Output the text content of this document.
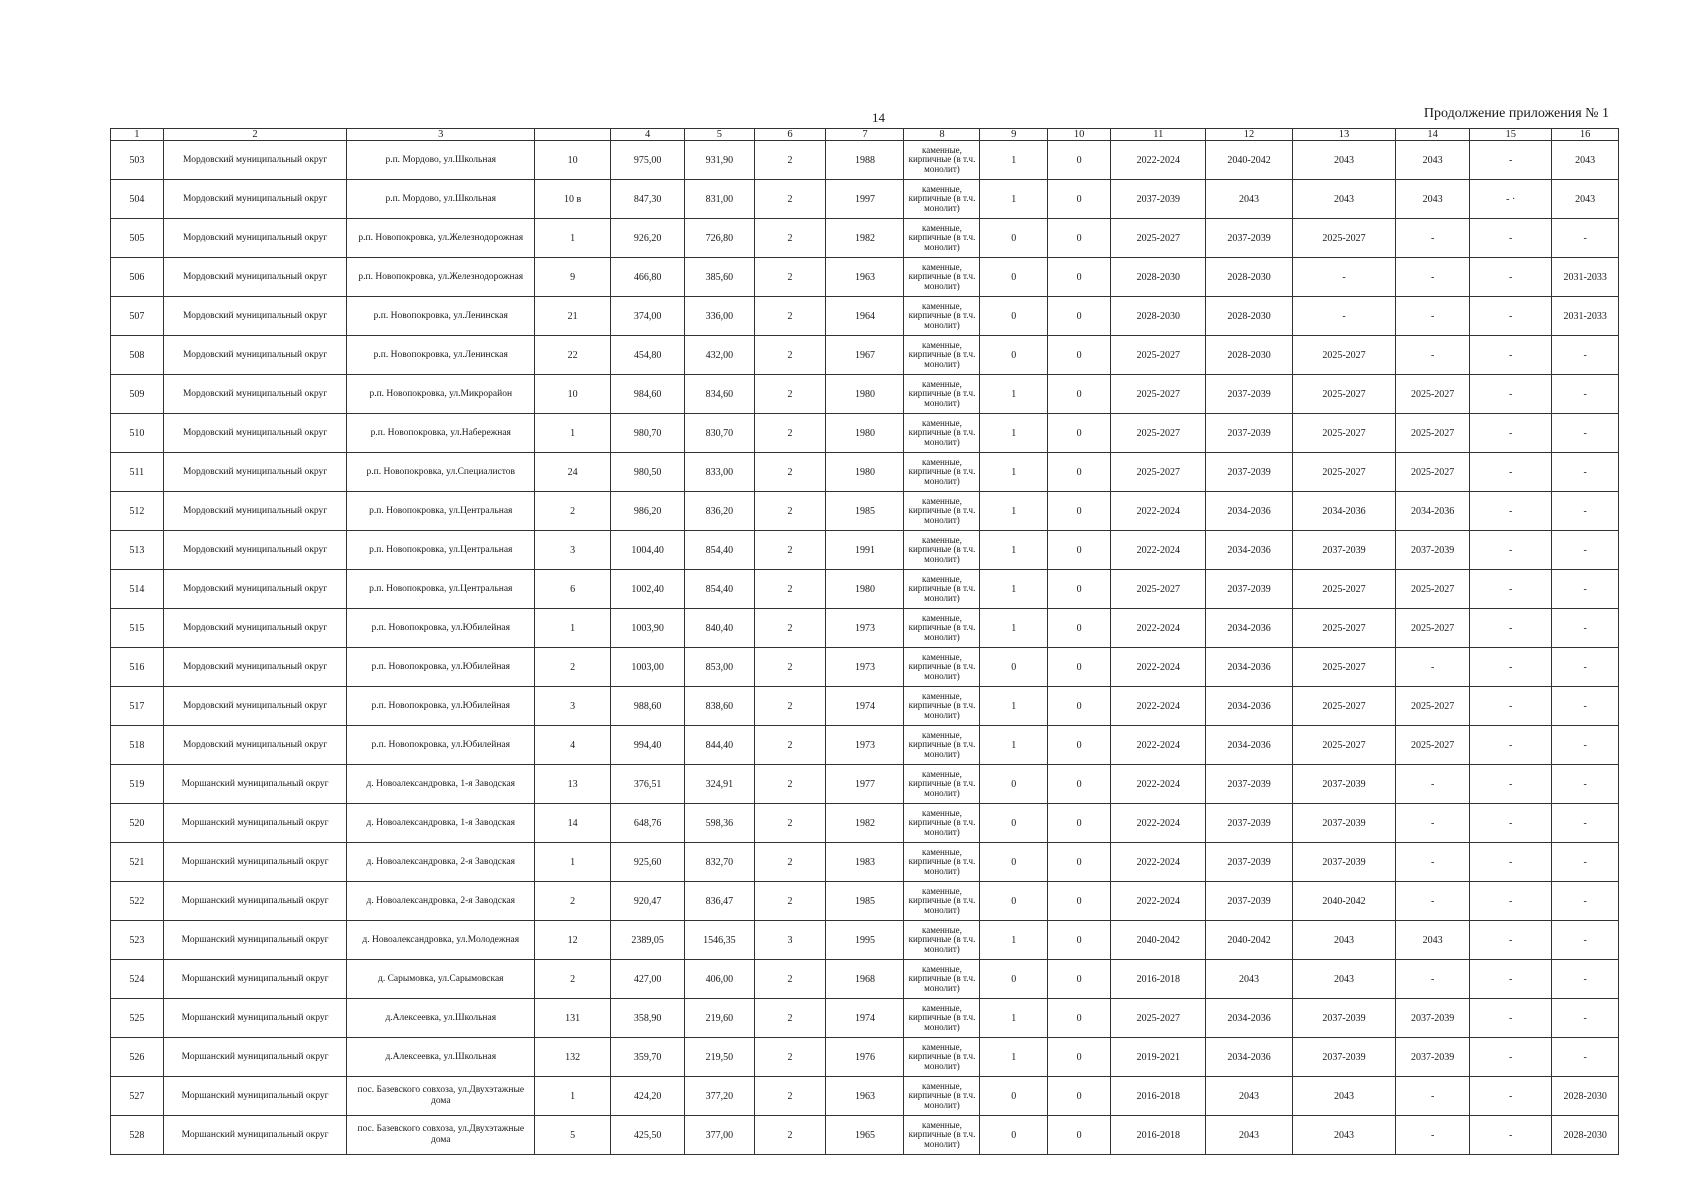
14	Продолжение приложения № 1
1	2	3		4	5	6	7	8	9	10	11	12	13	14	15	16
503	Мордовский муниципальный округ	р.п. Мордово, ул.Школьная	10	975,00	931,90	2	1988	каменные, кирпичные (в т.ч. монолит)	1	0	2022-2024	2040-2042	2043	2043	-	2043
504	Мордовский муниципальный округ	р.п. Мордово, ул.Школьная	10 в	847,30	831,00	2	1997	каменные, кирпичные (в т.ч. монолит)	1	0	2037-2039	2043	2043	2043	- ·	2043
505	Мордовский муниципальный округ	р.п. Новопокровка, ул.Железнодорожная	1	926,20	726,80	2	1982	каменные, кирпичные (в т.ч. монолит)	0	0	2025-2027	2037-2039	2025-2027	-	-	-
506	Мордовский муниципальный округ	р.п. Новопокровка, ул.Железнодорожная	9	466,80	385,60	2	1963	каменные, кирпичные (в т.ч. монолит)	0	0	2028-2030	2028-2030	-	-	-	2031-2033
507	Мордовский муниципальный округ	р.п. Новопокровка, ул.Ленинская	21	374,00	336,00	2	1964	каменные, кирпичные (в т.ч. монолит)	0	0	2028-2030	2028-2030	-	-	-	2031-2033
508	Мордовский муниципальный округ	р.п. Новопокровка, ул.Ленинская	22	454,80	432,00	2	1967	каменные, кирпичные (в т.ч. монолит)	0	0	2025-2027	2028-2030	2025-2027	-	-	-
509	Мордовский муниципальный округ	р.п. Новопокровка, ул.Микрорайон	10	984,60	834,60	2	1980	каменные, кирпичные (в т.ч. монолит)	1	0	2025-2027	2037-2039	2025-2027	2025-2027	-	-
510	Мордовский муниципальный округ	р.п. Новопокровка, ул.Набережная	1	980,70	830,70	2	1980	каменные, кирпичные (в т.ч. монолит)	1	0	2025-2027	2037-2039	2025-2027	2025-2027	-	-
511	Мордовский муниципальный округ	р.п. Новопокровка, ул.Специалистов	24	980,50	833,00	2	1980	каменные, кирпичные (в т.ч. монолит)	1	0	2025-2027	2037-2039	2025-2027	2025-2027	-	-
512	Мордовский муниципальный округ	р.п. Новопокровка, ул.Центральная	2	986,20	836,20	2	1985	каменные, кирпичные (в т.ч. монолит)	1	0	2022-2024	2034-2036	2034-2036	2034-2036	-	-
513	Мордовский муниципальный округ	р.п. Новопокровка, ул.Центральная	3	1004,40	854,40	2	1991	каменные, кирпичные (в т.ч. монолит)	1	0	2022-2024	2034-2036	2037-2039	2037-2039	-	-
514	Мордовский муниципальный округ	р.п. Новопокровка, ул.Центральная	6	1002,40	854,40	2	1980	каменные, кирпичные (в т.ч. монолит)	1	0	2025-2027	2037-2039	2025-2027	2025-2027	-	-
515	Мордовский муниципальный округ	р.п. Новопокровка, ул.Юбилейная	1	1003,90	840,40	2	1973	каменные, кирпичные (в т.ч. монолит)	1	0	2022-2024	2034-2036	2025-2027	2025-2027	-	-
516	Мордовский муниципальный округ	р.п. Новопокровка, ул.Юбилейная	2	1003,00	853,00	2	1973	каменные, кирпичные (в т.ч. монолит)	0	0	2022-2024	2034-2036	2025-2027	-	-	-
517	Мордовский муниципальный округ	р.п. Новопокровка, ул.Юбилейная	3	988,60	838,60	2	1974	каменные, кирпичные (в т.ч. монолит)	1	0	2022-2024	2034-2036	2025-2027	2025-2027	-	-
518	Мордовский муниципальный округ	р.п. Новопокровка, ул.Юбилейная	4	994,40	844,40	2	1973	каменные, кирпичные (в т.ч. монолит)	1	0	2022-2024	2034-2036	2025-2027	2025-2027	-	-
519	Моршанский муниципальный округ	д. Новоалександровка, 1-я Заводская	13	376,51	324,91	2	1977	каменные, кирпичные (в т.ч. монолит)	0	0	2022-2024	2037-2039	2037-2039	-	-	-
520	Моршанский муниципальный округ	д. Новоалександровка, 1-я Заводская	14	648,76	598,36	2	1982	каменные, кирпичные (в т.ч. монолит)	0	0	2022-2024	2037-2039	2037-2039	-	-	-
521	Моршанский муниципальный округ	д. Новоалександровка, 2-я Заводская	1	925,60	832,70	2	1983	каменные, кирпичные (в т.ч. монолит)	0	0	2022-2024	2037-2039	2037-2039	-	-	-
522	Моршанский муниципальный округ	д. Новоалександровка, 2-я Заводская	2	920,47	836,47	2	1985	каменные, кирпичные (в т.ч. монолит)	0	0	2022-2024	2037-2039	2040-2042	-	-	-
523	Моршанский муниципальный округ	д. Новоалександровка, ул.Молодежная	12	2389,05	1546,35	3	1995	каменные, кирпичные (в т.ч. монолит)	1	0	2040-2042	2040-2042	2043	2043	-	-
524	Моршанский муниципальный округ	д. Сарымовка, ул.Сарымовская	2	427,00	406,00	2	1968	каменные, кирпичные (в т.ч. монолит)	0	0	2016-2018	2043	2043	-	-	-
525	Моршанский муниципальный округ	д.Алексеевка, ул.Школьная	131	358,90	219,60	2	1974	каменные, кирпичные (в т.ч. монолит)	1	0	2025-2027	2034-2036	2037-2039	2037-2039	-	-
526	Моршанский муниципальный округ	д.Алексеевка, ул.Школьная	132	359,70	219,50	2	1976	каменные, кирпичные (в т.ч. монолит)	1	0	2019-2021	2034-2036	2037-2039	2037-2039	-	-
527	Моршанский муниципальный округ	пос. Базевского совхоза, ул.Двухэтажные дома	1	424,20	377,20	2	1963	каменные, кирпичные (в т.ч. монолит)	0	0	2016-2018	2043	2043	-	-	2028-2030
528	Моршанский муниципальный округ	пос. Базевского совхоза, ул.Двухэтажные дома	5	425,50	377,00	2	1965	каменные, кирпичные (в т.ч. монолит)	0	0	2016-2018	2043	2043	-	-	2028-2030
